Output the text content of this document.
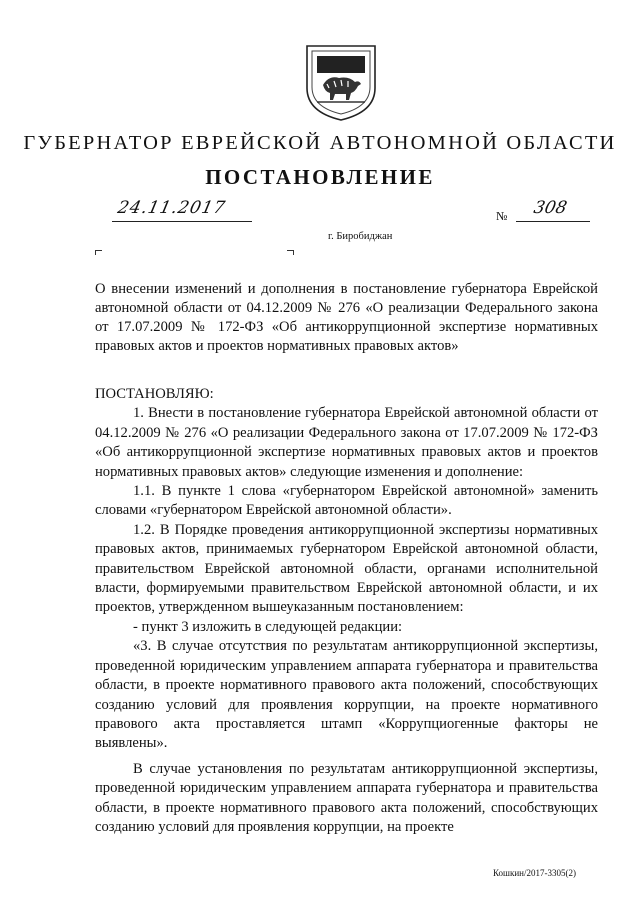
ГУБЕРНАТОР ЕВРЕЙСКОЙ АВТОНОМНОЙ ОБЛАСТИ
ПОСТАНОВЛЕНИЕ
24.11.2017	№ 308
г. Биробиджан
О внесении изменений и дополнения в постановление губернатора Еврейской автономной области от 04.12.2009 № 276 «О реализации Федерального закона от 17.07.2009 № 172-ФЗ «Об антикоррупционной экспертизе нормативных правовых актов и проектов нормативных правовых актов»

ПОСТАНОВЛЯЮ:

1. Внести в постановление губернатора Еврейской автономной области от 04.12.2009 № 276 «О реализации Федерального закона от 17.07.2009 № 172-ФЗ «Об антикоррупционной экспертизе нормативных правовых актов и проектов нормативных правовых актов» следующие изменения и дополнение:

1.1. В пункте 1 слова «губернатором Еврейской автономной» заменить словами «губернатором Еврейской автономной области».

1.2. В Порядке проведения антикоррупционной экспертизы нормативных правовых актов, принимаемых губернатором Еврейской автономной области, правительством Еврейской автономной области, органами исполнительной власти, формируемыми правительством Еврейской автономной области, и их проектов, утвержденном вышеуказанным постановлением:

- пункт 3 изложить в следующей редакции:

«3. В случае отсутствия по результатам антикоррупционной экспертизы, проведенной юридическим управлением аппарата губернатора и правительства области, в проекте нормативного правового акта положений, способствующих созданию условий для проявления коррупции, на проекте нормативного правового акта проставляется штамп «Коррупциогенные факторы не выявлены».

В случае установления по результатам антикоррупционной экспертизы, проведенной юридическим управлением аппарата губернатора и правительства области, в проекте нормативного правового акта положений, способствующих созданию условий для проявления коррупции, на проекте

Кошкин/2017-3305(2)
